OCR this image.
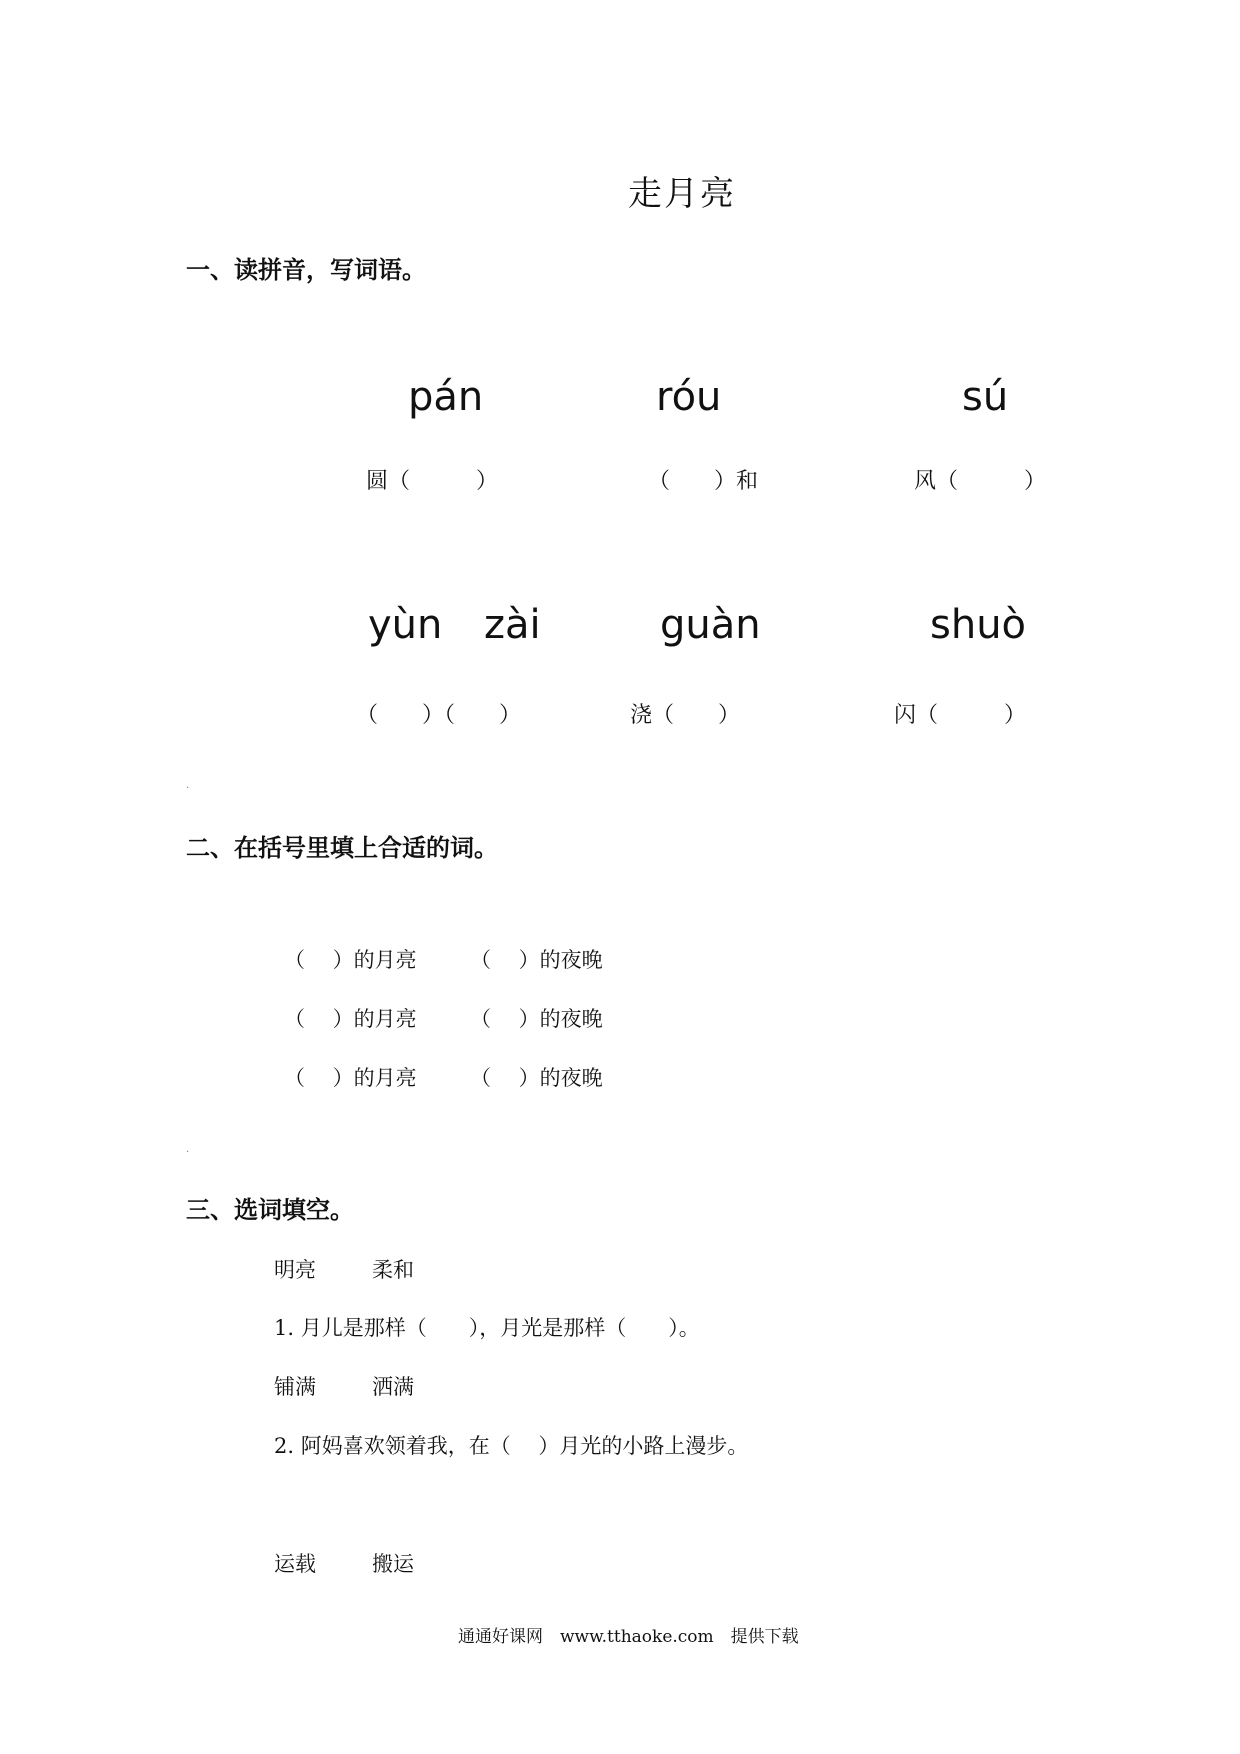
走月亮
一、读拼音，写词语。
pán	róu	sú
圆（　　　）	（　　）和	风（　　　）
yùn zài	guàn	shuò
（　　）（　　）	浇（　　）	闪（　　　）
.
二、在括号里填上合适的词。
（　 ）的月亮	（　 ）的夜晚
（　 ）的月亮	（　 ）的夜晚
（　 ）的月亮	（　 ）的夜晚
.
三、选词填空。
明亮	柔和
1. 月儿是那样（　　），月光是那样（　　）。
铺满	洒满
2. 阿妈喜欢领着我，在（　 ）月光的小路上漫步。
运载	搬运
通通好课网　www.tthaoke.com　提供下载
